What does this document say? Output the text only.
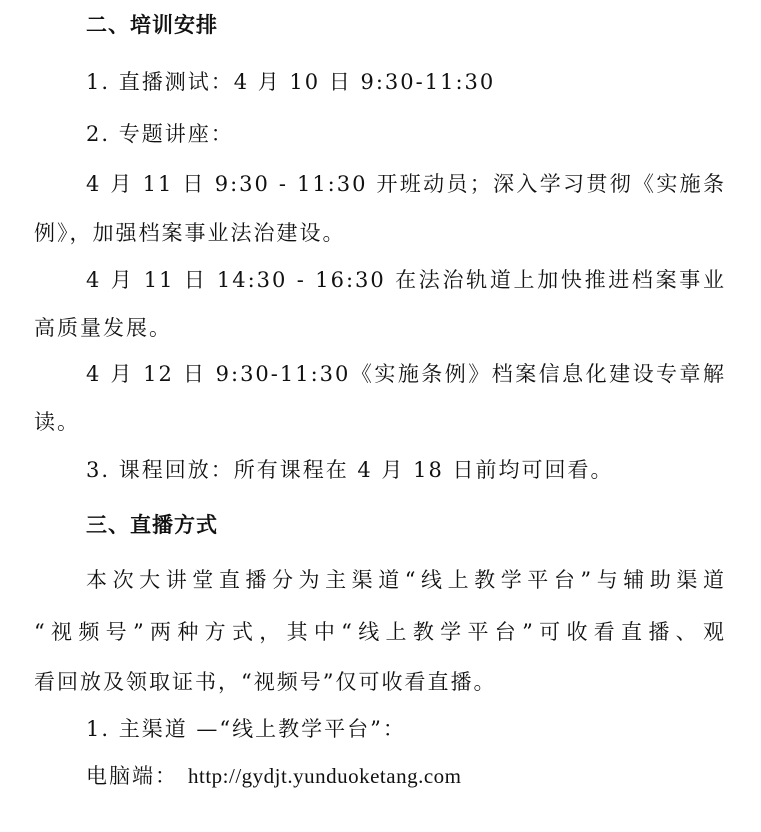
二、培训安排
1. 直播测试：4 月 10 日 9:30-11:30
2. 专题讲座：
4 月 11 日 9:30 - 11:30 开班动员；深入学习贯彻《实施条
例》，加强档案事业法治建设。
4 月 11 日 14:30 - 16:30 在法治轨道上加快推进档案事业
高质量发展。
4 月 12 日 9:30-11:30《实施条例》档案信息化建设专章解
读。
3. 课程回放：所有课程在 4 月 18 日前均可回看。
三、直播方式
本次大讲堂直播分为主渠道“线上教学平台”与辅助渠道
“视频号”两种方式，其中“线上教学平台”可收看直播、观
看回放及领取证书，“视频号”仅可收看直播。
1. 主渠道 —“线上教学平台”：
电脑端： http://gydjt.yunduoketang.com
